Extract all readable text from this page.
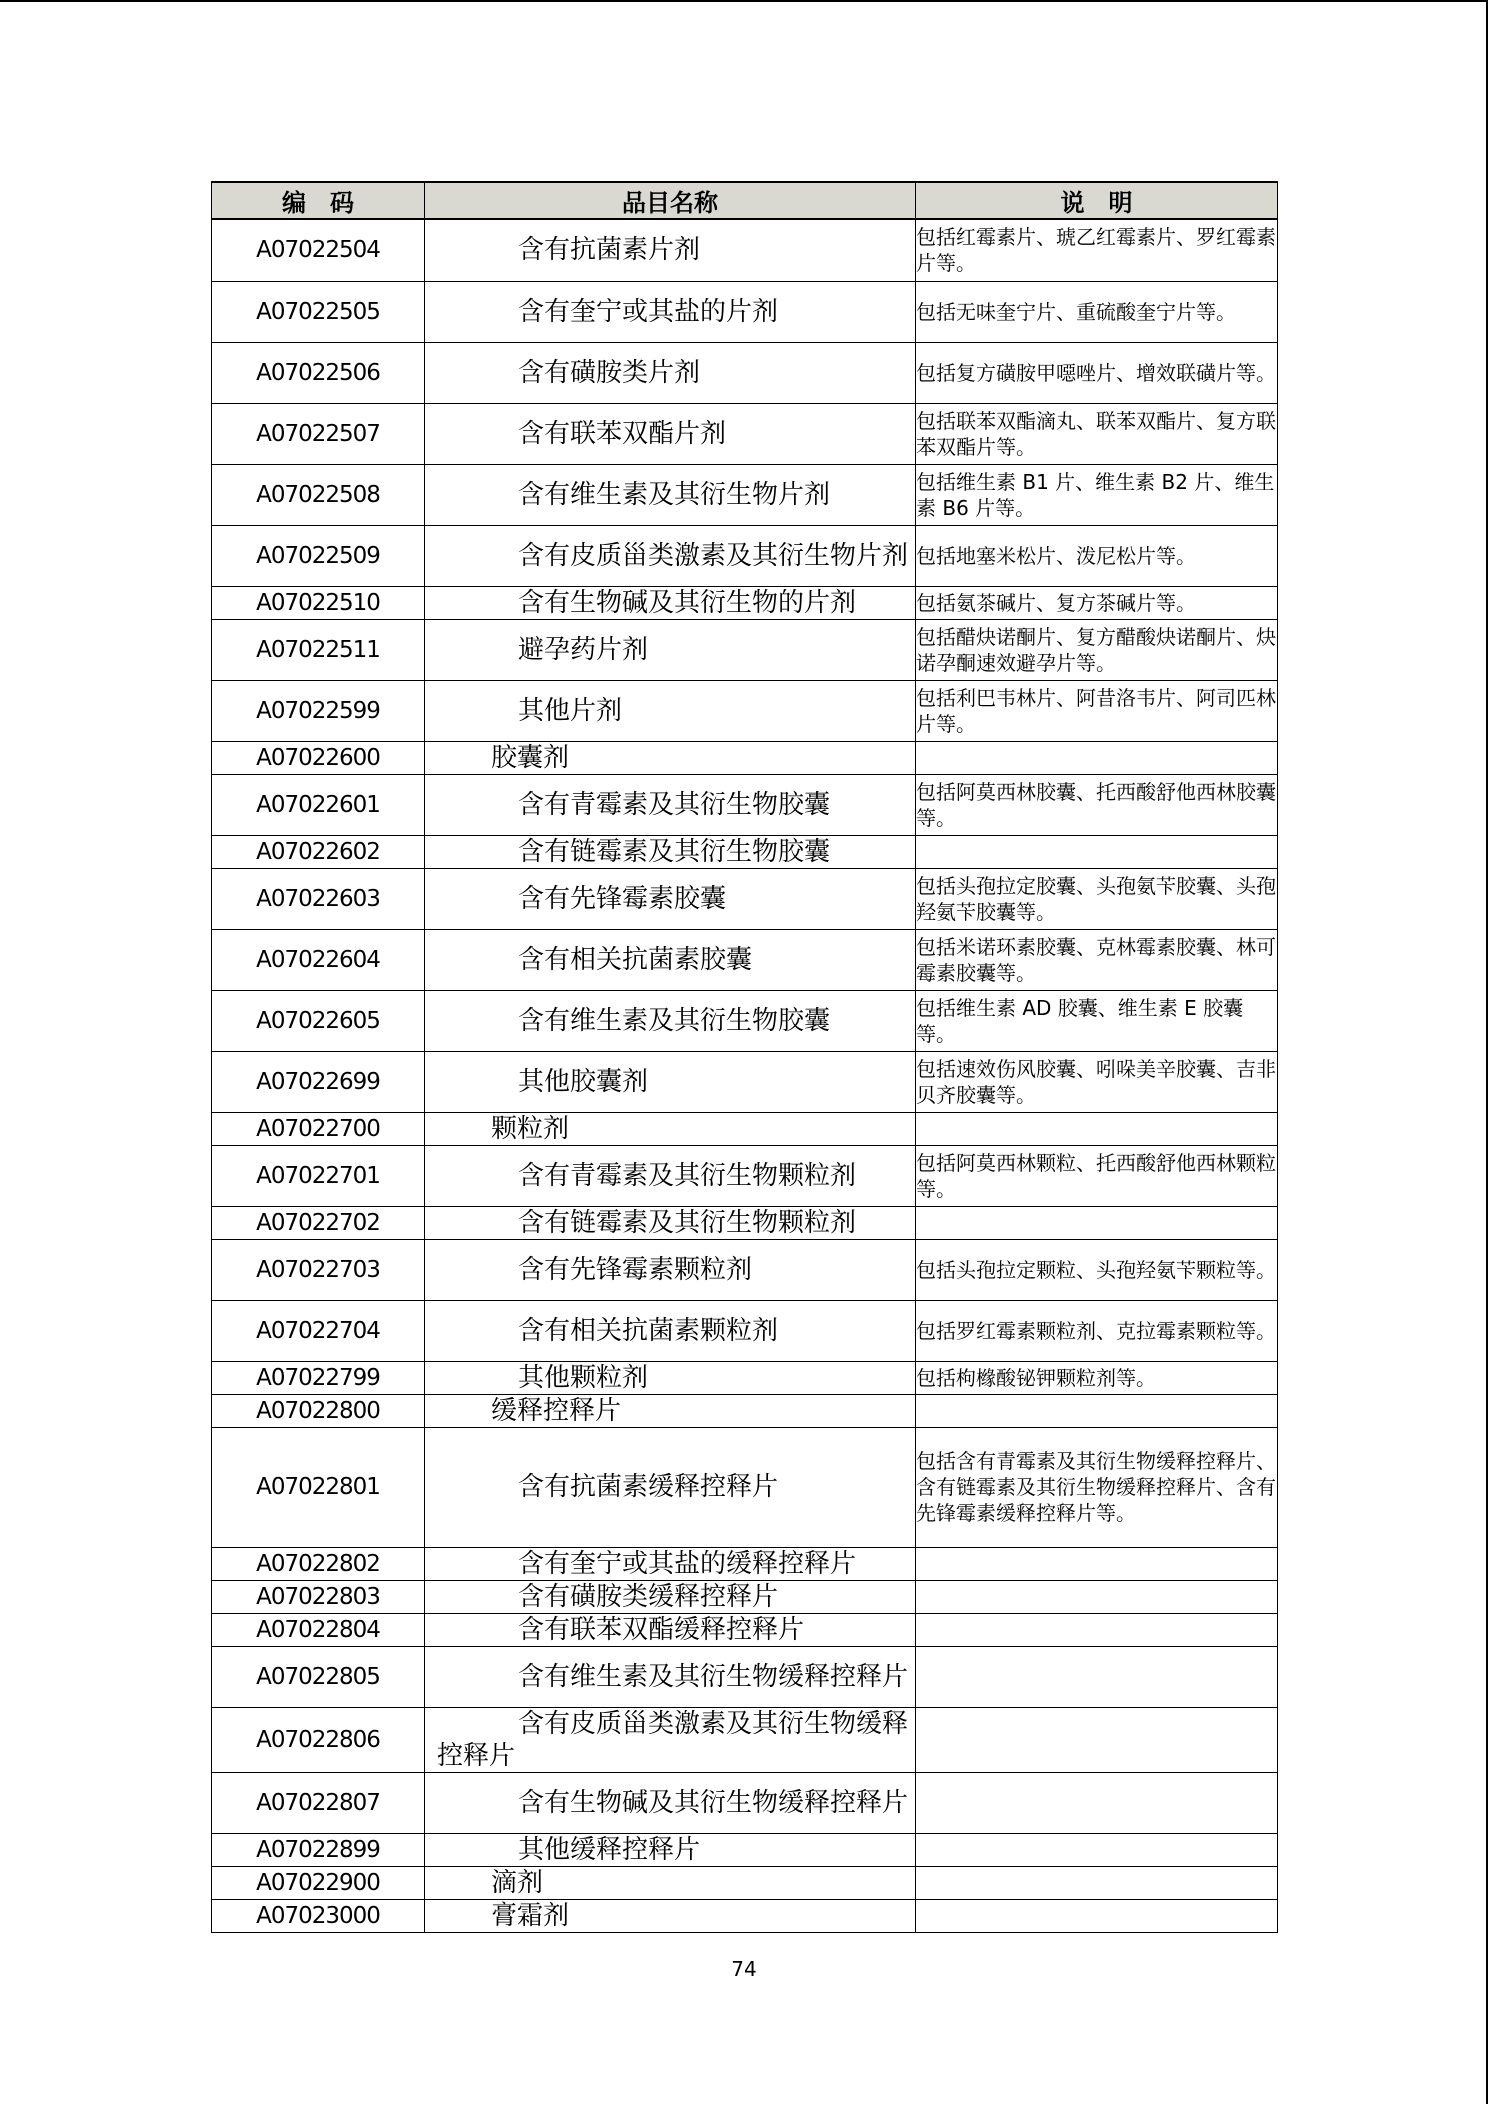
编　码	品目名称	说　明
A07022504	含有抗菌素片剂	包括红霉素片、琥乙红霉素片、罗红霉素片等。
A07022505	含有奎宁或其盐的片剂	包括无味奎宁片、重硫酸奎宁片等。
A07022506	含有磺胺类片剂	包括复方磺胺甲噁唑片、增效联磺片等。
A07022507	含有联苯双酯片剂	包括联苯双酯滴丸、联苯双酯片、复方联苯双酯片等。
A07022508	含有维生素及其衍生物片剂	包括维生素 B1 片、维生素 B2 片、维生素 B6 片等。
A07022509	含有皮质甾类激素及其衍生物片剂	包括地塞米松片、泼尼松片等。
A07022510	含有生物碱及其衍生物的片剂	包括氨茶碱片、复方茶碱片等。
A07022511	避孕药片剂	包括醋炔诺酮片、复方醋酸炔诺酮片、炔诺孕酮速效避孕片等。
A07022599	其他片剂	包括利巴韦林片、阿昔洛韦片、阿司匹林片等。
A07022600	胶囊剂	
A07022601	含有青霉素及其衍生物胶囊	包括阿莫西林胶囊、托西酸舒他西林胶囊等。
A07022602	含有链霉素及其衍生物胶囊	
A07022603	含有先锋霉素胶囊	包括头孢拉定胶囊、头孢氨苄胶囊、头孢羟氨苄胶囊等。
A07022604	含有相关抗菌素胶囊	包括米诺环素胶囊、克林霉素胶囊、林可霉素胶囊等。
A07022605	含有维生素及其衍生物胶囊	包括维生素 AD 胶囊、维生素 E 胶囊等。
A07022699	其他胶囊剂	包括速效伤风胶囊、吲哚美辛胶囊、吉非贝齐胶囊等。
A07022700	颗粒剂	
A07022701	含有青霉素及其衍生物颗粒剂	包括阿莫西林颗粒、托西酸舒他西林颗粒等。
A07022702	含有链霉素及其衍生物颗粒剂	
A07022703	含有先锋霉素颗粒剂	包括头孢拉定颗粒、头孢羟氨苄颗粒等。
A07022704	含有相关抗菌素颗粒剂	包括罗红霉素颗粒剂、克拉霉素颗粒等。
A07022799	其他颗粒剂	包括枸橼酸铋钾颗粒剂等。
A07022800	缓释控释片	
A07022801	含有抗菌素缓释控释片	包括含有青霉素及其衍生物缓释控释片、含有链霉素及其衍生物缓释控释片、含有先锋霉素缓释控释片等。
A07022802	含有奎宁或其盐的缓释控释片	
A07022803	含有磺胺类缓释控释片	
A07022804	含有联苯双酯缓释控释片	
A07022805	含有维生素及其衍生物缓释控释片	
A07022806	含有皮质甾类激素及其衍生物缓释控释片	
A07022807	含有生物碱及其衍生物缓释控释片	
A07022899	其他缓释控释片	
A07022900	滴剂	
A07023000	膏霜剂	
74
